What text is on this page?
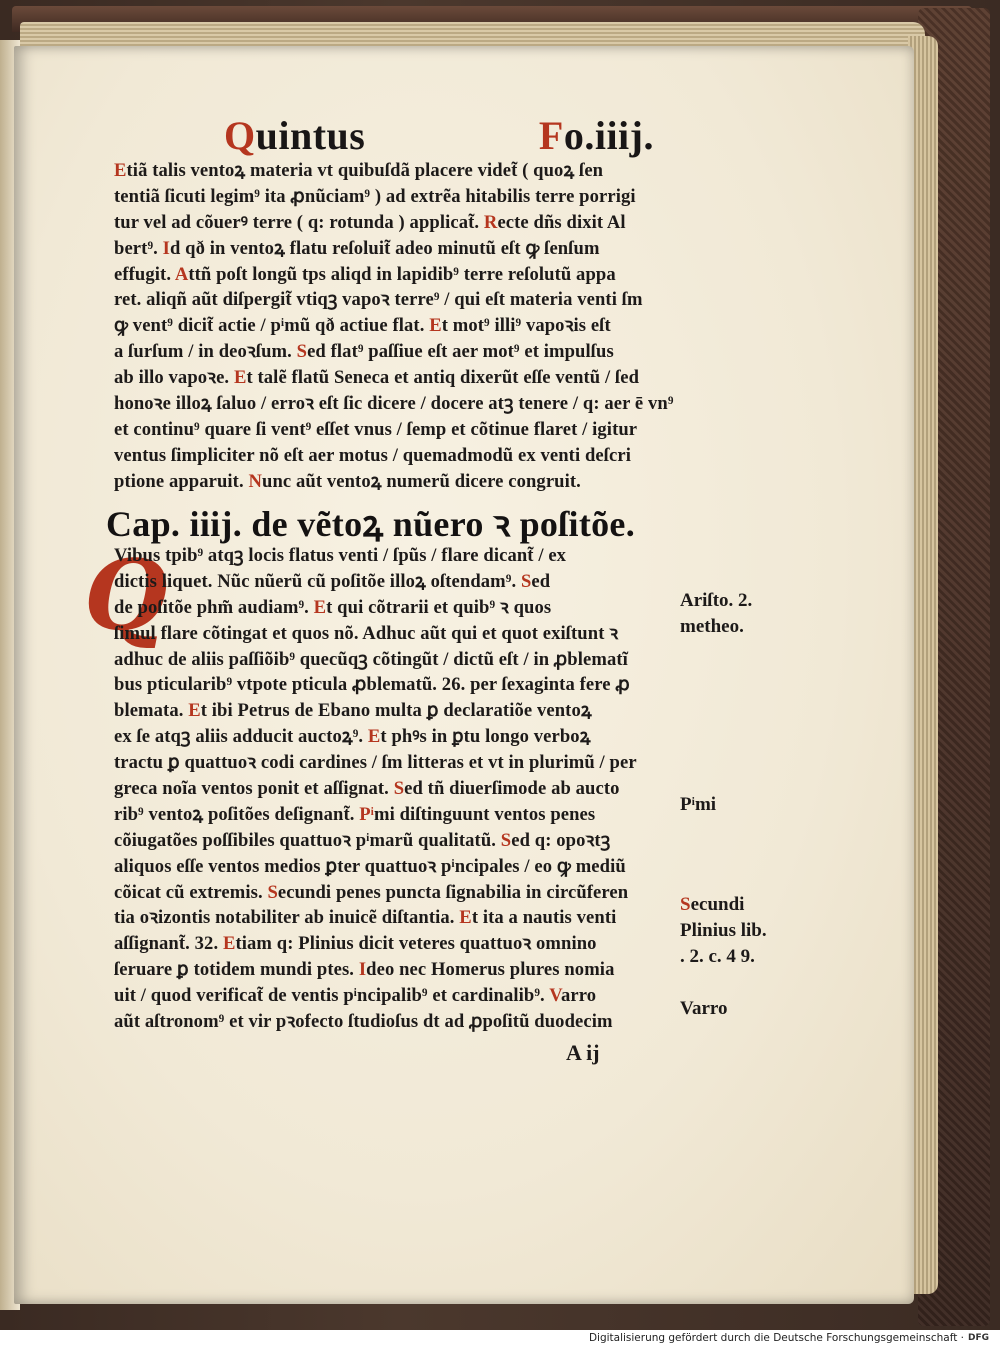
Quintus	Fo.iiij.
Etiã talis ventoꝝ materia vt quibuſdã placere videt̃ ( quoꝝ ſen
tentiã ſicuti legim⁹ ita ꝓnũciam⁹ ) ad extrẽa hitabilis terre porrigi
tur vel ad cõuerꝰ terre ( q: rotunda ) applicat̃. Recte dñs dixit Al
bert⁹. Id qð in ventoꝝ flatu reſoluit̃ adeo minutũ eſt ꝙ ſenſum
effugit. Attñ poſt longũ tps aliqd in lapidib⁹ terre reſolutũ appa
ret. aliqñ aũt diſpergit̃ vtiqꝫ vapoꝛ terre⁹ / qui eſt materia venti ſm
ꝙ vent⁹ dicit̃ actie / pͥmũ qð actiue flat. Et mot⁹ illi⁹ vapoꝛis eſt
a ſurſum / in deoꝛſum. Sed flat⁹ paſſiue eſt aer mot⁹ et impulſus
ab illo vapoꝛe. Et talẽ flatũ Seneca et antiq dixerũt eſſe ventũ / ſed
honoꝛe illoꝝ ſaluo / erroꝛ eſt ſic dicere / docere atꝫ tenere / q: aer ē vn⁹
et continu⁹ quare ſi vent⁹ eſſet vnus / ſemp et cõtinue flaret / igitur
ventus ſimpliciter nõ eſt aer motus / quemadmodũ ex venti deſcri
ptione apparuit. Nunc aũt ventoꝝ numerũ dicere congruit.
Cap. iiij. de vẽtoꝝ nũero ꝛ poſitõe.
Q
Vibus tpib⁹ atqꝫ locis flatus venti / ſpũs / flare dicant̃ / ex
dictis liquet. Nũc nũerũ cũ poſitõe illoꝝ oſtendam⁹. Sed
de poſitõe phm̃ audiam⁹. Et qui cõtrarii et quib⁹ ꝛ quos
ſimul flare cõtingat et quos nõ. Adhuc aũt qui et quot exiſtunt ꝛ
adhuc de aliis paſſiõib⁹ quecũqꝫ cõtingũt / dictũ eſt / in ꝓblematĩ
bus pticularib⁹ vtpote pticula ꝓblematũ. 26. per ſexaginta fere ꝓ
blemata. Et ibi Petrus de Ebano multa ꝑ declaratiõe ventoꝝ
ex ſe atqꝫ aliis adducit auctoꝝ⁹. Et phꝰs in ꝑtu longo verboꝝ
tractu ꝑ quattuoꝛ codi cardines / ſm litteras et vt in plurimũ / per
greca noĩa ventos ponit et aſſignat. Sed tñ diuerſimode ab aucto
rib⁹ ventoꝝ poſitões deſignant̃. Pͥmi diſtinguunt ventos penes
cõiugatões poſſibiles quattuoꝛ pͥmarũ qualitatũ. Sed q: opoꝛtꝫ
aliquos eſſe ventos medios ꝑter quattuoꝛ pͥncipales / eo ꝙ mediũ
cõicat cũ extremis. Secundi penes puncta ſignabilia in circũferen
tia oꝛizontis notabiliter ab inuicẽ diſtantia. Et ita a nautis venti
aſſignant̃. 32. Etiam q: Plinius dicit veteres quattuoꝛ omnino
ſeruare ꝑ totidem mundi ptes. Ideo nec Homerus plures nomia
uit / quod verificat̃ de ventis pͥncipalib⁹ et cardinalib⁹. Varro
aũt aſtronom⁹ et vir pꝛofecto ſtudioſus dt ad ꝓpoſitũ duodecim
Ariſto. 2.
metheo.
Pͥmi
Secundi
Plinius lib.
. 2. c. 4 9.
Varro
A ij
Digitalisierung gefördert durch die Deutsche Forschungsgemeinschaft · DFG
